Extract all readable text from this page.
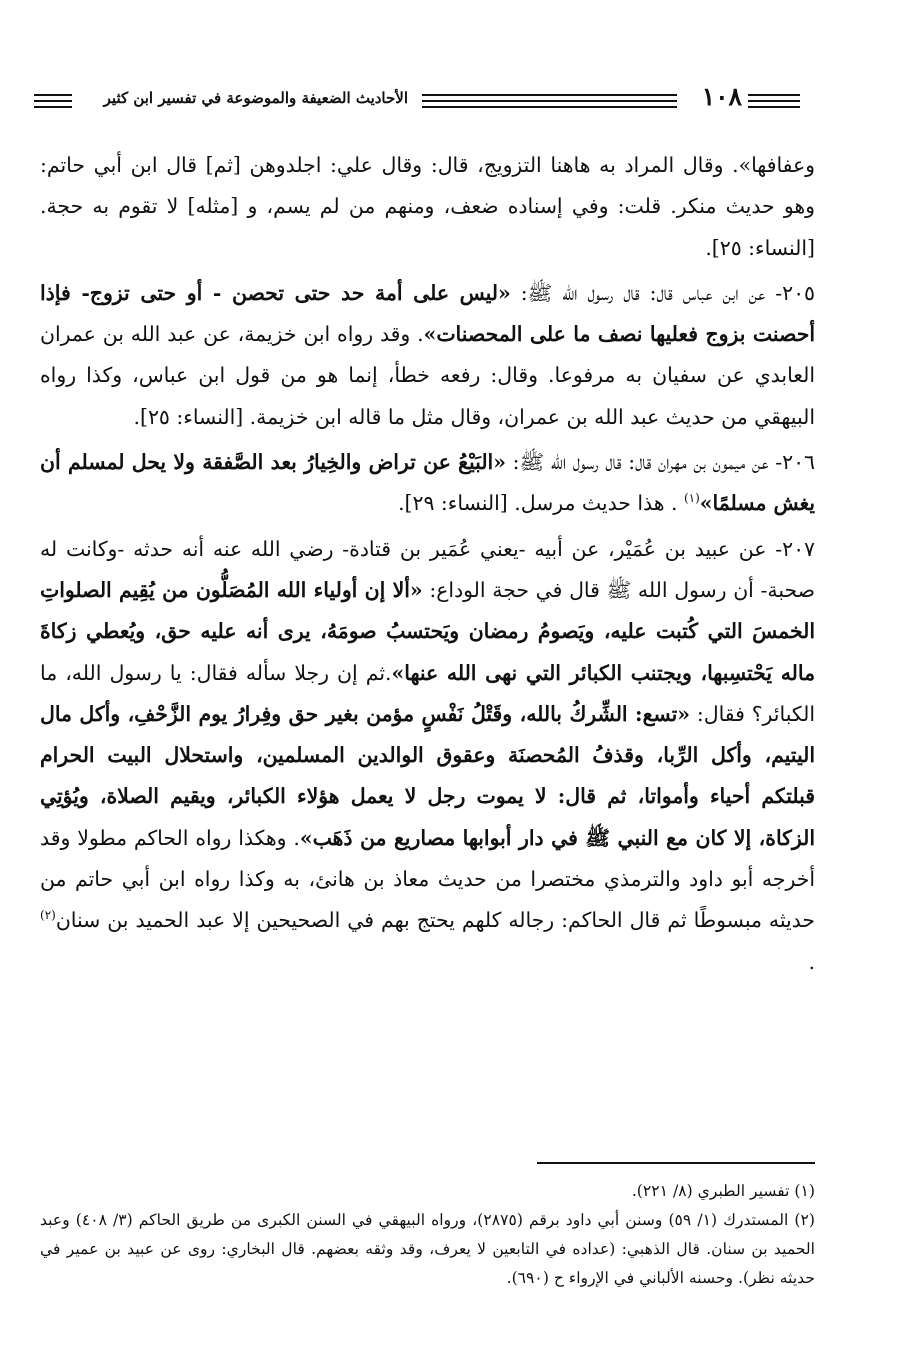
١٠٨
الأحاديث الضعيفة والموضوعة في تفسير ابن كثير

وعفافها». وقال المراد به هاهنا التزويج، قال: وقال علي: اجلدوهن [ثم] قال ابن أبي حاتم: وهو حديث منكر. قلت: وفي إسناده ضعف، ومنهم من لم يسم، و [مثله] لا تقوم به حجة. [النساء: ٢٥].

٢٠٥- عن ابن عباس قال: قال رسول الله ﷺ: «ليس على أمة حد حتى تحصن - أو حتى تزوج- فإذا أحصنت بزوج فعليها نصف ما على المحصنات». وقد رواه ابن خزيمة، عن عبد الله بن عمران العابدي عن سفيان به مرفوعا. وقال: رفعه خطأ، إنما هو من قول ابن عباس، وكذا رواه البيهقي من حديث عبد الله بن عمران، وقال مثل ما قاله ابن خزيمة. [النساء: ٢٥].

٢٠٦- عن ميمون بن مهران قال: قال رسول الله ﷺ: «البَيْعُ عن تراض والخِيارُ بعد الصَّفقة ولا يحل لمسلم أن يغش مسلمًا»$^{(١)}$ . هذا حديث مرسل. [النساء: ٢٩].

٢٠٧- عن عبيد بن عُمَيْر، عن أبيه -يعني عُمَير بن قتادة- رضي الله عنه أنه حدثه -وكانت له صحبة- أن رسول الله ﷺ قال في حجة الوداع: «ألا إن أولياء الله المُصَلُّون من يُقِيم الصلواتِ الخمسَ التي كُتبت عليه، ويَصومُ رمضان ويَحتسبُ صومَهُ، يرى أنه عليه حق، ويُعطي زكاةَ ماله يَحْتسِبها، ويجتنب الكبائر التي نهى الله عنها».ثم إن رجلا سأله فقال: يا رسول الله، ما الكبائر؟ فقال: «تسع: الشِّركُ بالله، وقَتْلُ نَفْسٍ مؤمن بغير حق وفِرارُ يوم الزَّحْفِ، وأكل مال اليتيم، وأكل الرِّبا، وقذفُ المُحصنَة وعقوق الوالدين المسلمين، واستحلال البيت الحرام قبلتكم أحياء وأمواتا، ثم قال: لا يموت رجل لا يعمل هؤلاء الكبائر، ويقيم الصلاة، ويُؤتِي الزكاة، إلا كان مع النبي ﷺ في دار أبوابها مصاريع من ذَهَب». وهكذا رواه الحاكم مطولا وقد أخرجه أبو داود والترمذي مختصرا من حديث معاذ بن هانئ، به وكذا رواه ابن أبي حاتم من حديثه مبسوطًا ثم قال الحاكم: رجاله كلهم يحتج بهم في الصحيحين إلا عبد الحميد بن سنان$^{(٢)}$ .

(١) تفسير الطبري (٨/ ٢٢١).

(٢) المستدرك (١/ ٥٩) وسنن أبي داود برقم (٢٨٧٥)، ورواه البيهقي في السنن الكبرى من طريق الحاكم (٣/ ٤٠٨) وعبد الحميد بن سنان. قال الذهبي: (عداده في التابعين لا يعرف، وقد وثقه بعضهم. قال البخاري: روى عن عبيد بن عمير في حديثه نظر). وحسنه الألباني في الإرواء ح (٦٩٠).
